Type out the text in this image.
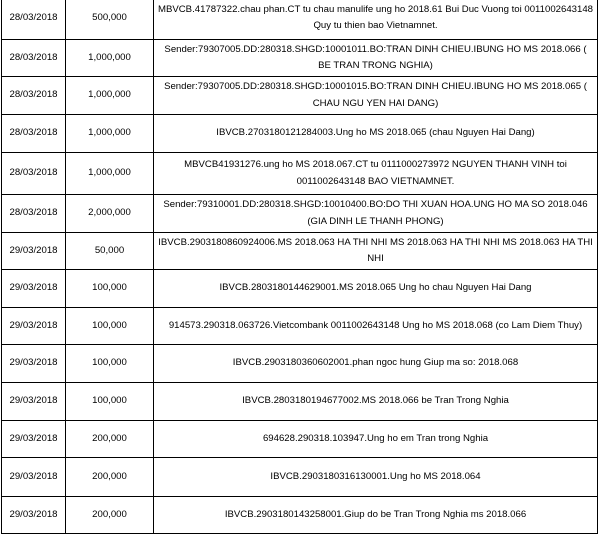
28/03/2018	500,000	MBVCB.41787322.chau phan.CT tu chau manulife ung ho 2018.61 Bui Duc Vuong toi 0011002643148 Quy tu thien bao Vietnamnet.
28/03/2018	1,000,000	Sender:79307005.DD:280318.SHGD:10001011.BO:TRAN DINH CHIEU.IBUNG HO MS 2018.066 ( BE TRAN TRONG NGHIA)
28/03/2018	1,000,000	Sender:79307005.DD:280318.SHGD:10001015.BO:TRAN DINH CHIEU.IBUNG HO MS 2018.065 ( CHAU NGU YEN HAI DANG)
28/03/2018	1,000,000	IBVCB.2703180121284003.Ung ho MS 2018.065 (chau Nguyen Hai Dang)
28/03/2018	1,000,000	MBVCB41931276.ung ho MS 2018.067.CT tu 0111000273972 NGUYEN THANH VINH toi 0011002643148 BAO VIETNAMNET.
28/03/2018	2,000,000	Sender:79310001.DD:280318.SHGD:10010400.BO:DO THI XUAN HOA.UNG HO MA SO 2018.046 (GIA DINH LE THANH PHONG)
29/03/2018	50,000	IBVCB.2903180860924006.MS 2018.063 HA THI NHI MS 2018.063 HA THI NHI MS 2018.063 HA THI NHI
29/03/2018	100,000	IBVCB.2803180144629001.MS 2018.065 Ung ho chau Nguyen Hai Dang
29/03/2018	100,000	914573.290318.063726.Vietcombank 0011002643148 Ung ho MS 2018.068 (co Lam Diem Thuy)
29/03/2018	100,000	IBVCB.2903180360602001.phan ngoc hung Giup ma so: 2018.068
29/03/2018	100,000	IBVCB.2803180194677002.MS 2018.066 be Tran Trong Nghia
29/03/2018	200,000	694628.290318.103947.Ung ho em Tran trong Nghia
29/03/2018	200,000	IBVCB.2903180316130001.Ung ho MS 2018.064
29/03/2018	200,000	IBVCB.2903180143258001.Giup do be Tran Trong Nghia ms 2018.066
